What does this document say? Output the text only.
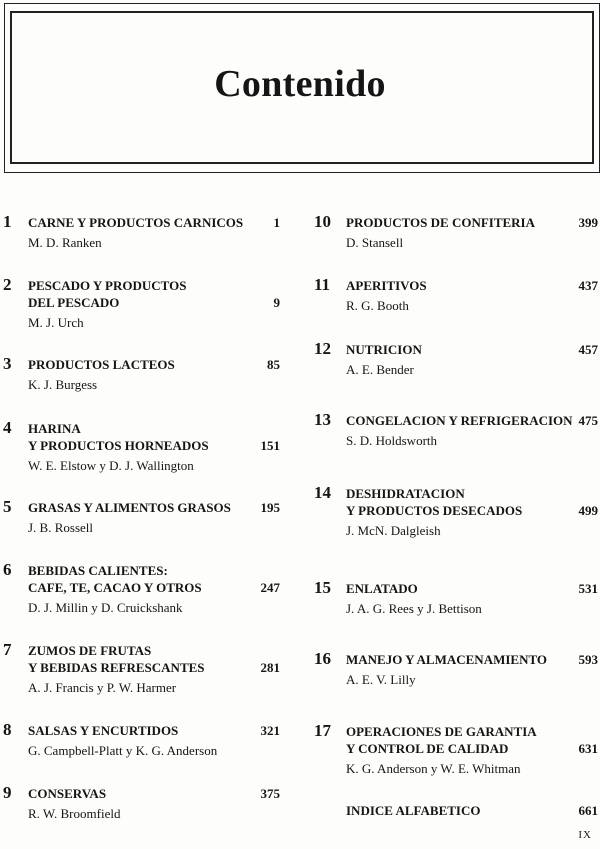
Contenido
1 CARNE Y PRODUCTOS CARNICOS 1
M. D. Ranken
2 PESCADO Y PRODUCTOS
DEL PESCADO	9
M. J. Urch
3 PRODUCTOS LACTEOS	85
K. J. Burgess
4 HARINA
Y PRODUCTOS HORNEADOS	151
W. E. Elstow y D. J. Wallington
5 GRASAS Y ALIMENTOS GRASOS 195
J. B. Rossell
6 BEBIDAS CALIENTES:
CAFE, TE, CACAO Y OTROS	247
D. J. Millin y D. Cruickshank
7 ZUMOS DE FRUTAS
Y BEBIDAS REFRESCANTES	281
A. J. Francis y P. W. Harmer
8 SALSAS Y ENCURTIDOS	321
G. Campbell-Platt y K. G. Anderson
9 CONSERVAS	375
R. W. Broomfield
10 PRODUCTOS DE CONFITERIA	399
D. Stansell
11 APERITIVOS	437
R. G. Booth
12 NUTRICION	457
A. E. Bender
13 CONGELACION Y REFRIGERACION 475
S. D. Holdsworth
14 DESHIDRATACION
Y PRODUCTOS DESECADOS	499
J. McN. Dalgleish
15 ENLATADO	531
J. A. G. Rees y J. Bettison
16 MANEJO Y ALMACENAMIENTO 593
A. E. V. Lilly
17 OPERACIONES DE GARANTIA
Y CONTROL DE CALIDAD	631
K. G. Anderson y W. E. Whitman
INDICE ALFABETICO	661
IX
